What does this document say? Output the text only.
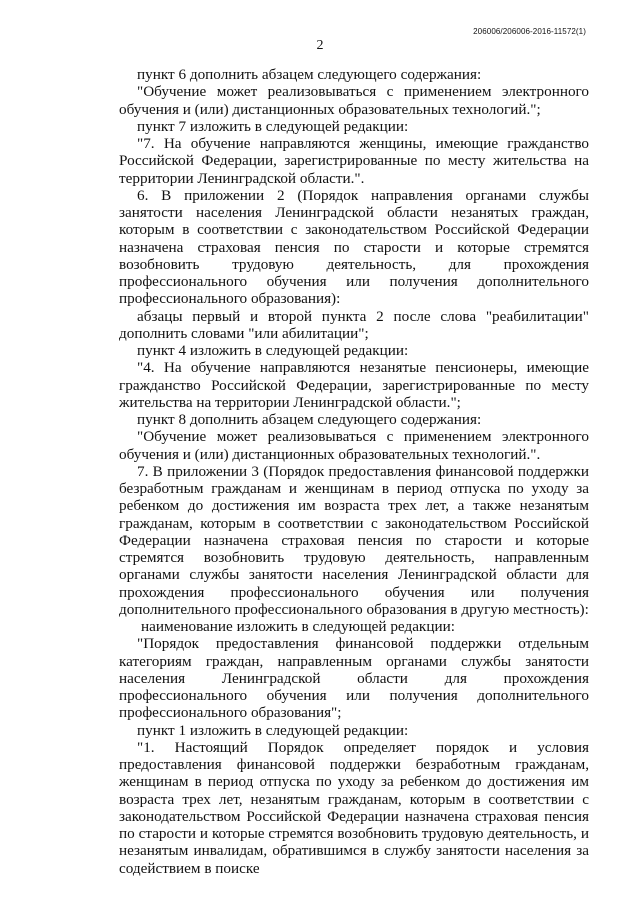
206006/206006-2016-11572(1)
2

пункт 6 дополнить абзацем следующего содержания:

"Обучение может реализовываться с применением электронного обучения и (или) дистанционных образовательных технологий.";

пункт 7 изложить в следующей редакции:

"7. На обучение направляются женщины, имеющие гражданство Российской Федерации, зарегистрированные по месту жительства на территории Ленинградской области.".

6. В приложении 2 (Порядок направления органами службы занятости населения Ленинградской области незанятых граждан, которым в соответствии с законодательством Российской Федерации назначена страховая пенсия по старости и которые стремятся возобновить трудовую деятельность, для прохождения профессионального обучения или получения дополнительного профессионального образования):

абзацы первый и второй пункта 2 после слова "реабилитации" дополнить словами "или абилитации";

пункт 4 изложить в следующей редакции:

"4. На обучение направляются незанятые пенсионеры, имеющие гражданство Российской Федерации, зарегистрированные по месту жительства на территории Ленинградской области.";

пункт 8 дополнить абзацем следующего содержания:

"Обучение может реализовываться с применением электронного обучения и (или) дистанционных образовательных технологий.".

7. В приложении 3 (Порядок предоставления финансовой поддержки безработным гражданам и женщинам в период отпуска по уходу за ребенком до достижения им возраста трех лет, а также незанятым гражданам, которым в соответствии с законодательством Российской Федерации назначена страховая пенсия по старости и которые стремятся возобновить трудовую деятельность, направленным органами службы занятости населения Ленинградской области для прохождения профессионального обучения или получения дополнительного профессионального образования в другую местность):

наименование изложить в следующей редакции:

"Порядок предоставления финансовой поддержки отдельным категориям граждан, направленным органами службы занятости населения Ленинградской области для прохождения профессионального обучения или получения дополнительного профессионального образования";

пункт 1 изложить в следующей редакции:

"1. Настоящий Порядок определяет порядок и условия предоставления финансовой поддержки безработным гражданам, женщинам в период отпуска по уходу за ребенком до достижения им возраста трех лет, незанятым гражданам, которым в соответствии с законодательством Российской Федерации назначена страховая пенсия по старости и которые стремятся возобновить трудовую деятельность, и незанятым инвалидам, обратившимся в службу занятости населения за содействием в поиске
